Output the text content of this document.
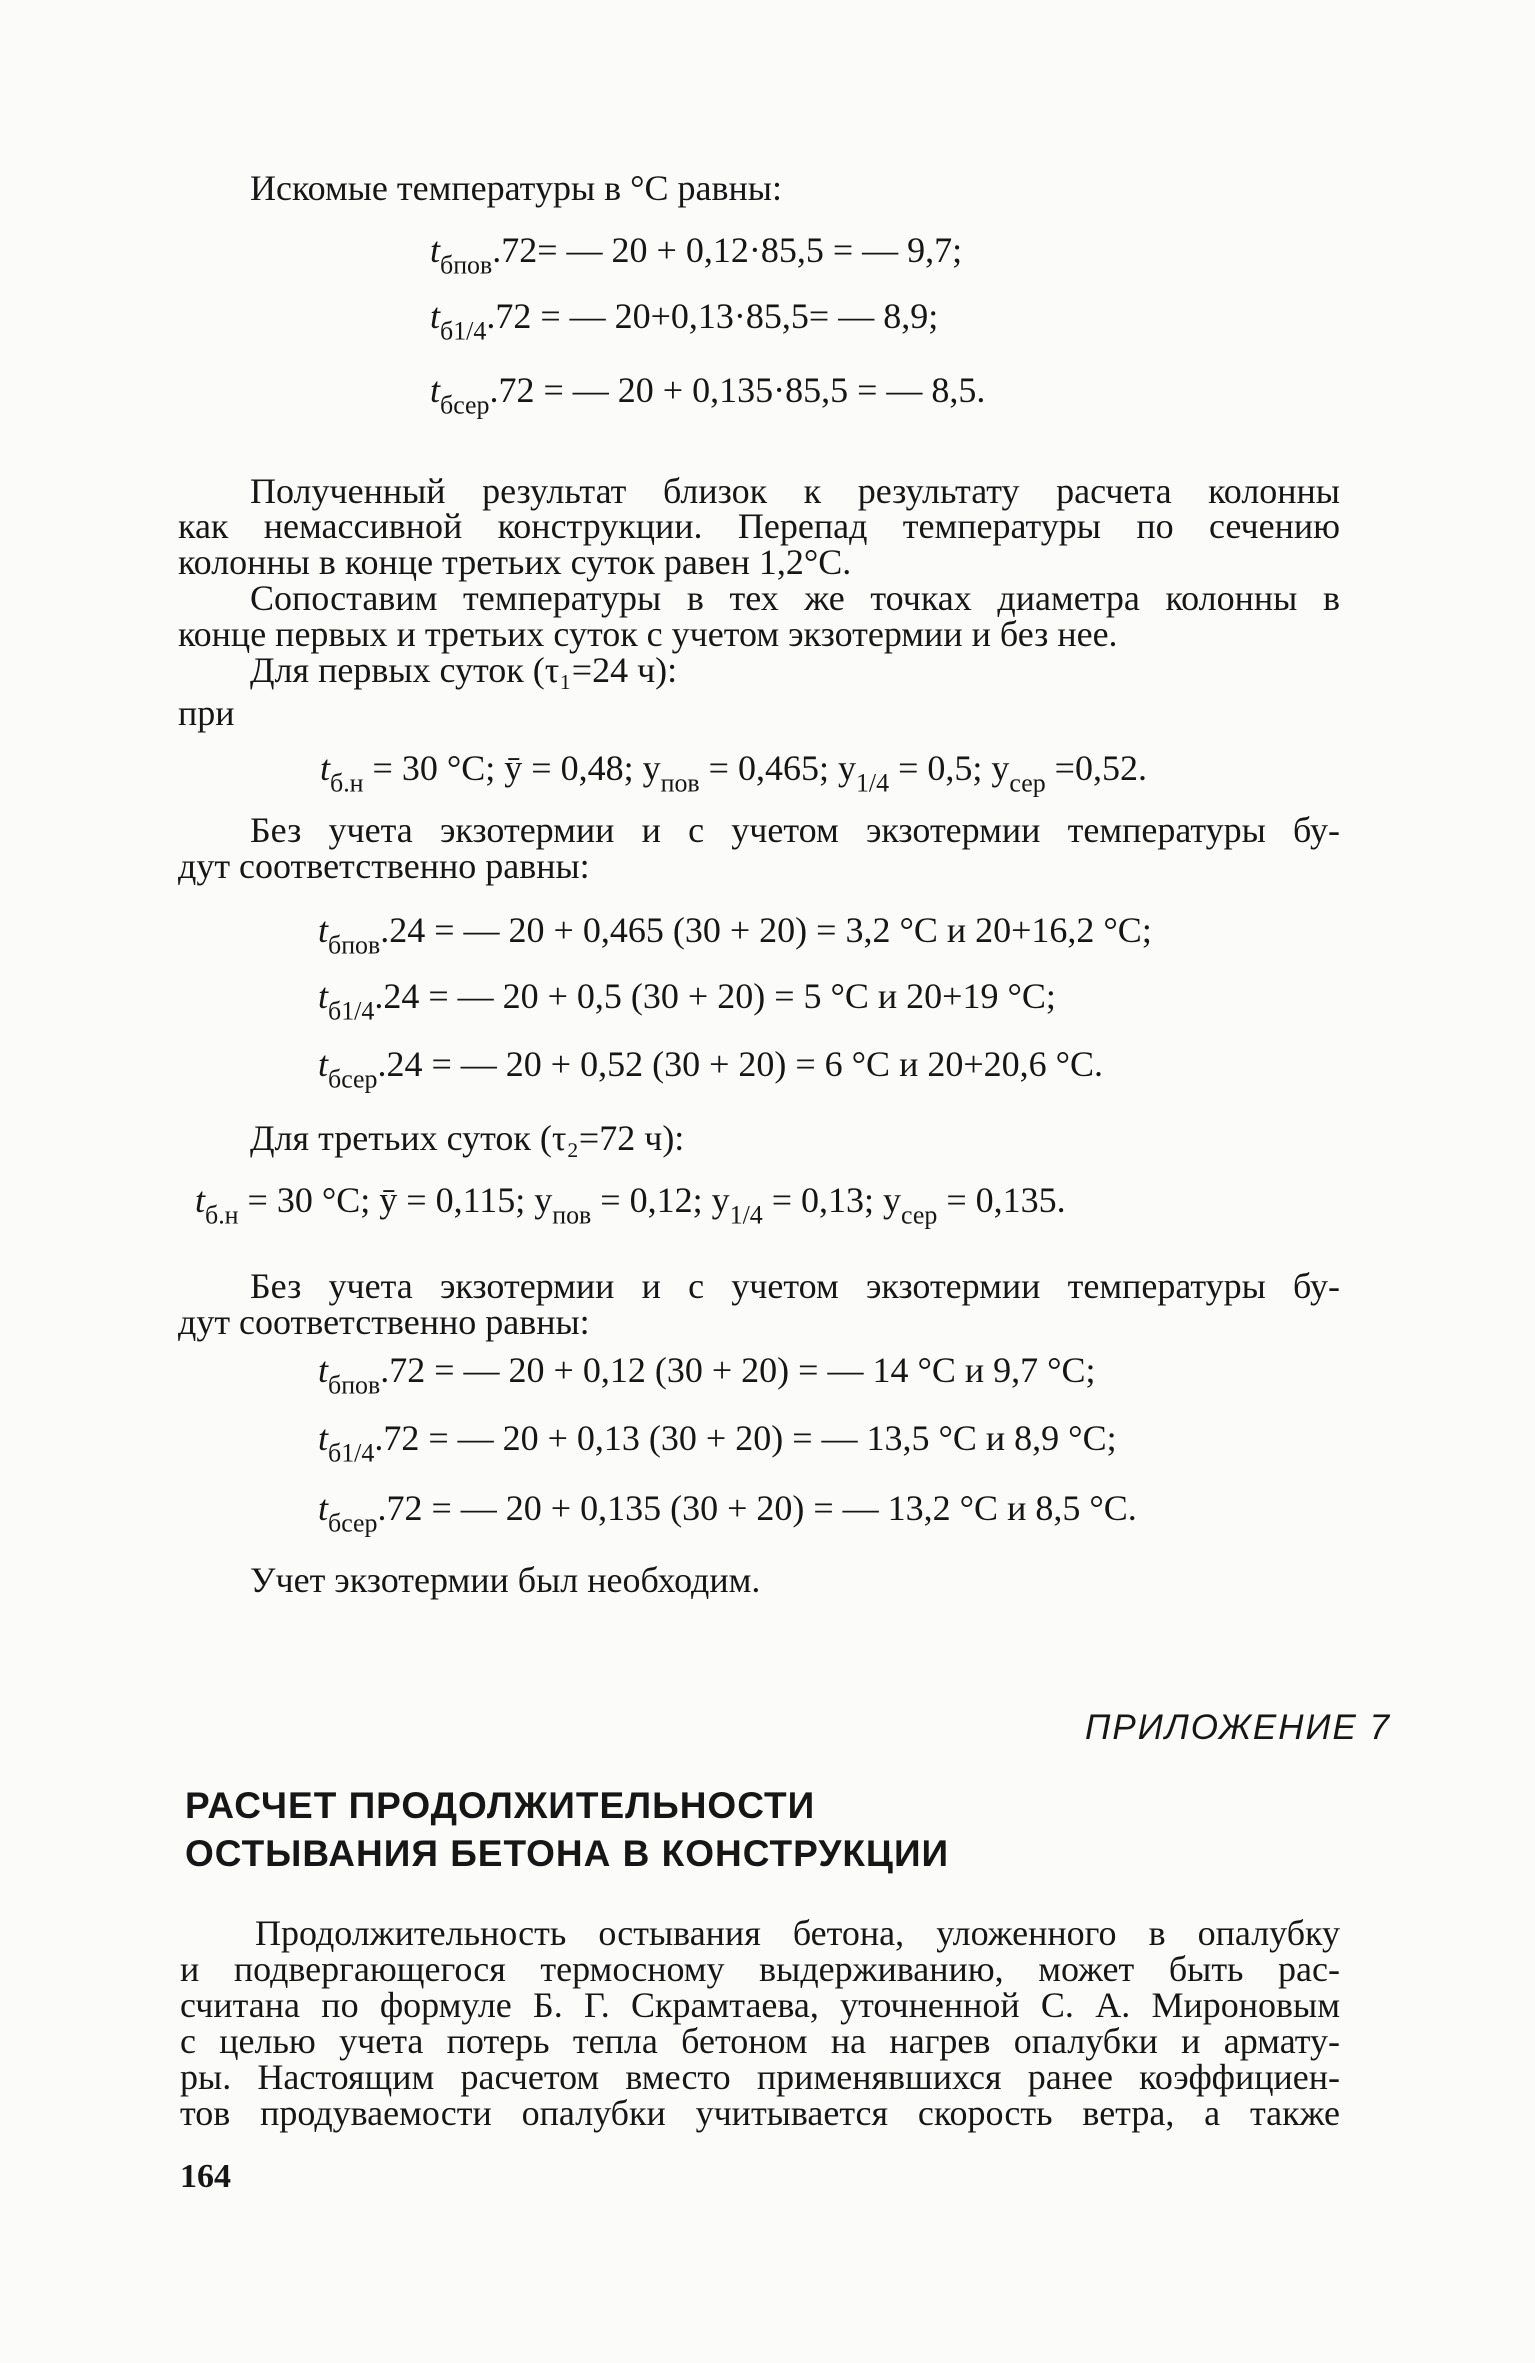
Искомые температуры в °С равны:
$t_{бпов}.72=$ — 20 + 0,12·85,5 = — 9,7;
$t_{б1/4}.72$ = — 20+0,13·85,5= — 8,9;
$t_{бсер}.72$ = — 20 + 0,135·85,5 = — 8,5.
Полученный результат близок к результату расчета колонны
как немассивной конструкции. Перепад температуры по сечению
колонны в конце третьих суток равен 1,2°С.
Сопоставим температуры в тех же точках диаметра колонны в
конце первых и третьих суток с учетом экзотермии и без нее.
Для первых суток (τ₁=24 ч):
при
$t_{б.н} = 30$ °С; ȳ = 0,48; $y_{пов} = 0,465$; $y_{1/4} = 0,5$; $y_{сер} =0,52$.
Без учета экзотермии и с учетом экзотермии температуры бу-
дут соответственно равны:
$t_{бпов}.24$ = — 20 + 0,465 (30 + 20) = 3,2 °С и 20+16,2 °С;
$t_{б1/4}.24$ = — 20 + 0,5 (30 + 20) = 5 °С и 20+19 °С;
$t_{бсер}.24$ = — 20 + 0,52 (30 + 20) = 6 °С и 20+20,6 °С.
Для третьих суток (τ₂=72 ч):
$t_{б.н} = 30$ °С; ȳ = 0,115; $y_{пов} = 0,12$; $y_{1/4} = 0,13$; $y_{сер} = 0,135$.
Без учета экзотермии и с учетом экзотермии температуры бу-
дут соответственно равны:
$t_{бпов}.72$ = — 20 + 0,12 (30 + 20) = — 14 °С и 9,7 °С;
$t_{б1/4}.72$ = — 20 + 0,13 (30 + 20) = — 13,5 °С и 8,9 °С;
$t_{бсер}.72$ = — 20 + 0,135 (30 + 20) = — 13,2 °С и 8,5 °С.
Учет экзотермии был необходим.
ПРИЛОЖЕНИЕ 7
РАСЧЕТ ПРОДОЛЖИТЕЛЬНОСТИ
ОСТЫВАНИЯ БЕТОНА В КОНСТРУКЦИИ
Продолжительность остывания бетона, уложенного в опалубку
и подвергающегося термосному выдерживанию, может быть рас-
считана по формуле Б. Г. Скрамтаева, уточненной С. А. Мироновым
с целью учета потерь тепла бетоном на нагрев опалубки и армату-
ры. Настоящим расчетом вместо применявшихся ранее коэффициен-
тов продуваемости опалубки учитывается скорость ветра, а также
164
